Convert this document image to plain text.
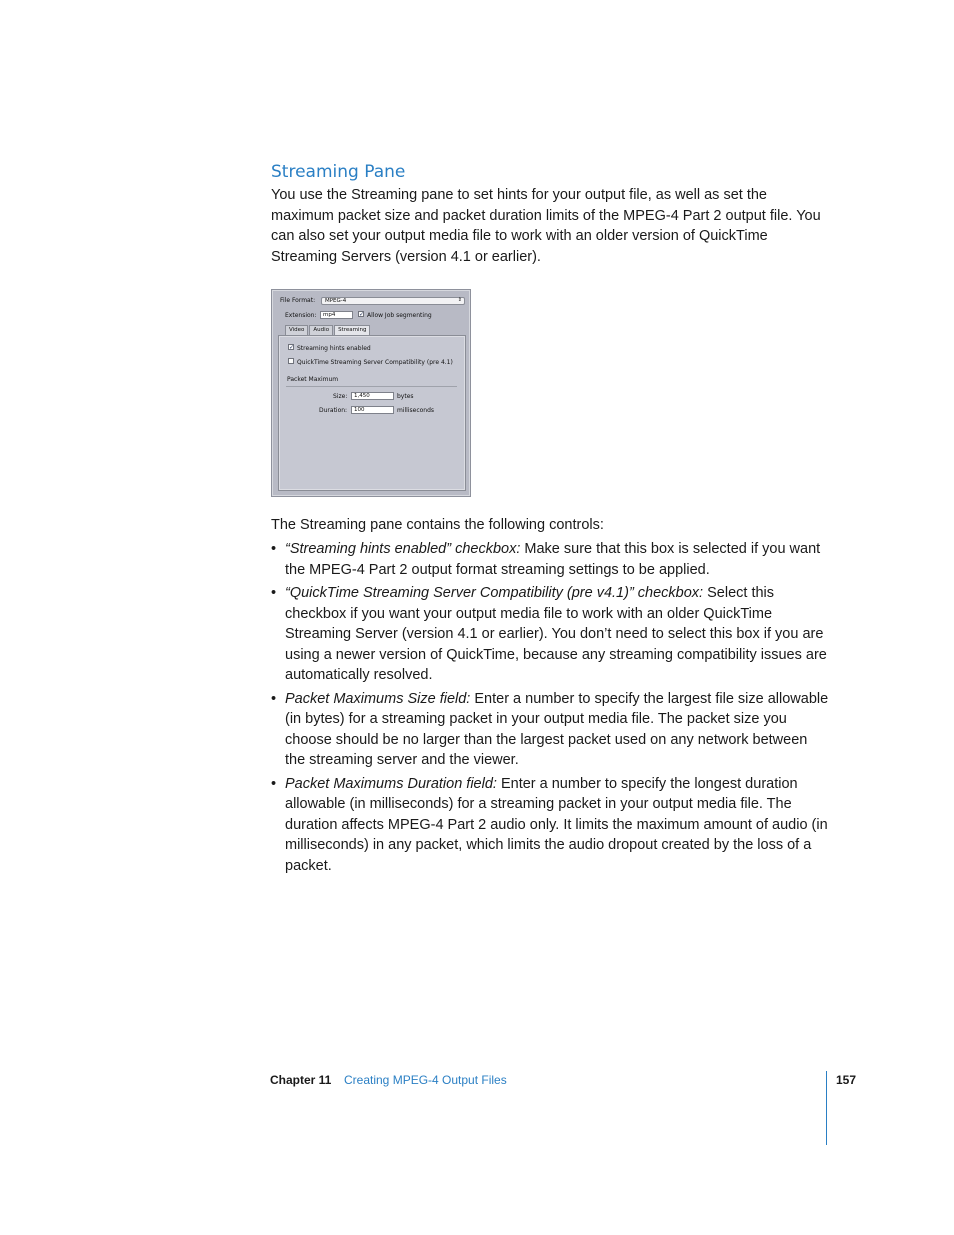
Streaming Pane

You use the Streaming pane to set hints for your output file, as well as set the maximum packet size and packet duration limits of the MPEG-4 Part 2 output file. You can also set your output media file to work with an older version of QuickTime Streaming Servers (version 4.1 or earlier).

File Format:	MPEG-4	⇕
Extension:	mp4	✓ Allow Job segmenting
Video	Audio	Streaming
✓ Streaming hints enabled
QuickTime Streaming Server Compatibility (pre 4.1)
Packet Maximum
Size:	1,450	bytes
Duration:	100	milliseconds

The Streaming pane contains the following controls:

• “Streaming hints enabled” checkbox: Make sure that this box is selected if you want the MPEG-4 Part 2 output format streaming settings to be applied.
• “QuickTime Streaming Server Compatibility (pre v4.1)” checkbox: Select this checkbox if you want your output media file to work with an older QuickTime Streaming Server (version 4.1 or earlier). You don’t need to select this box if you are using a newer version of QuickTime, because any streaming compatibility issues are automatically resolved.
• Packet Maximums Size field: Enter a number to specify the largest file size allowable (in bytes) for a streaming packet in your output media file. The packet size you choose should be no larger than the largest packet used on any network between the streaming server and the viewer.
• Packet Maximums Duration field: Enter a number to specify the longest duration allowable (in milliseconds) for a streaming packet in your output media file. The duration affects MPEG-4 Part 2 audio only. It limits the maximum amount of audio (in milliseconds) in any packet, which limits the audio dropout created by the loss of a packet.
Chapter 11 Creating MPEG-4 Output Files	157
